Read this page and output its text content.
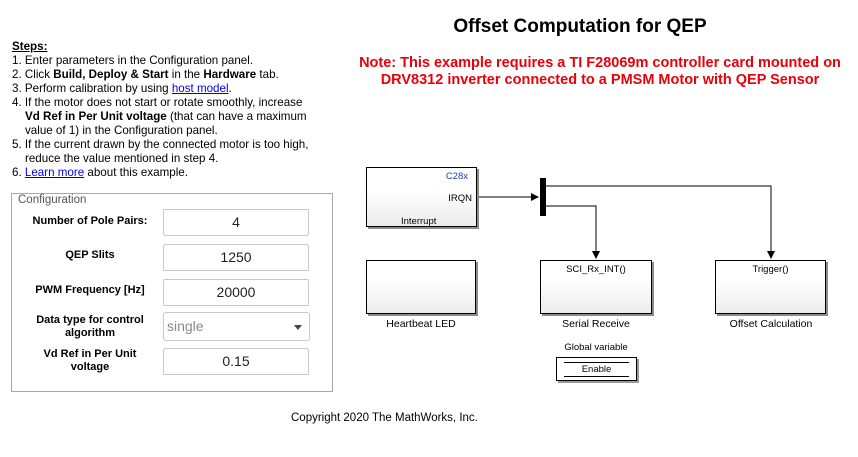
Offset Computation for QEP
Note: This example requires a TI F28069m controller card mounted on
DRV8312 inverter connected to a PMSM Motor with QEP Sensor
Steps:
1. Enter parameters in the Configuration panel.
2. Click Build, Deploy & Start in the Hardware tab.
3. Perform calibration by using host model.
4. If the motor does not start or rotate smoothly, increase
Vd Ref in Per Unit voltage (that can have a maximum
value of 1) in the Configuration panel.
5. If the current drawn by the connected motor is too high,
reduce the value mentioned in step 4.
6. Learn more about this example.
Configuration
Number of Pole Pairs:	4
QEP Slits	1250
PWM Frequency [Hz]	20000
Data type for control
algorithm	single
Vd Ref in Per Unit
voltage	0.15
C28x
IRQN
Interrupt
Heartbeat LED
SCI_Rx_INT()
Serial Receive
Trigger()
Offset Calculation
Global variable
Enable
Copyright 2020 The MathWorks, Inc.
